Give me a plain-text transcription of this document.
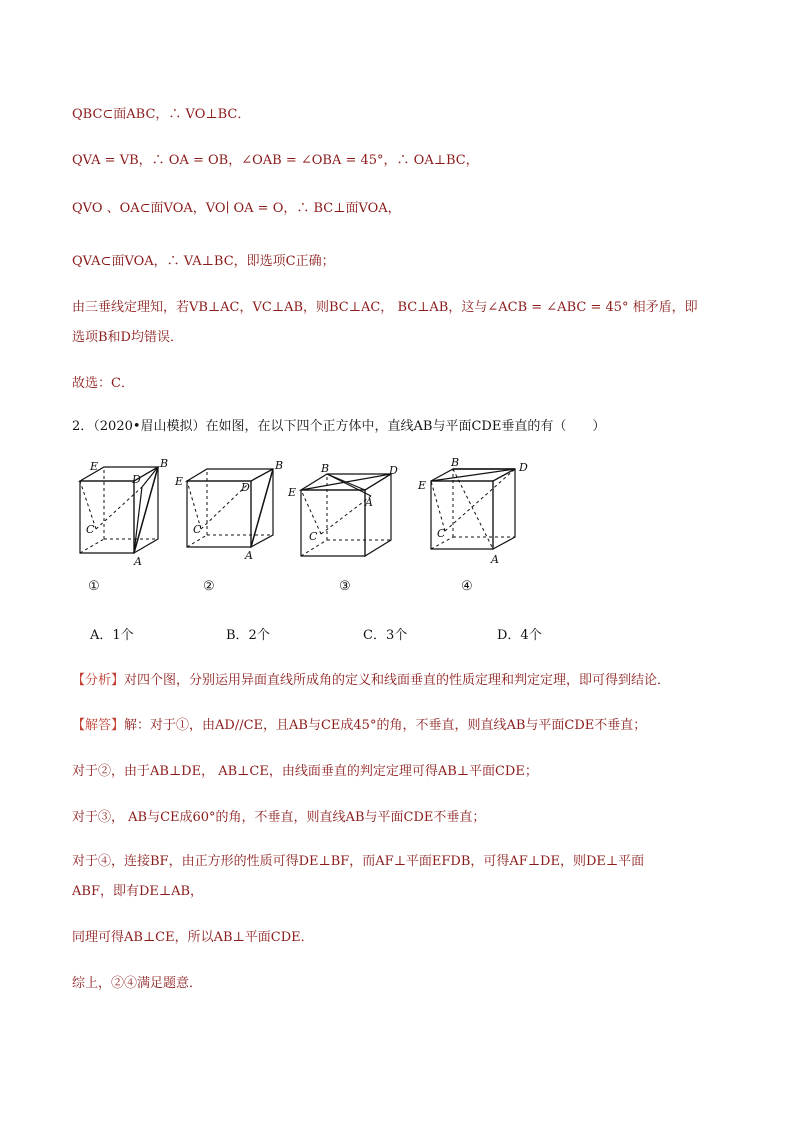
QBC⊂面ABC，∴ VO⊥BC．
QVA = VB，∴ OA = OB，∠OAB = ∠OBA = 45°，∴ OA⊥BC，
QVO 、OA⊂面VOA，VO∣ OA = O，∴ BC⊥面VOA，
QVA⊂面VOA，∴ VA⊥BC，即选项C正确；
由三垂线定理知，若VB⊥AC，VC⊥AB，则BC⊥AC， BC⊥AB，这与∠ACB = ∠ABC = 45° 相矛盾，即
选项B和D均错误．
故选：C．
2．（2020•眉山模拟）在如图，在以下四个正方体中，直线AB与平面CDE垂直的有（　　）
E	B
D
C
A
①
E
B
D
C
A
②
B	D
E
A
C
③
B	D
E
C
A
④
A．1个	B．2个	C．3个	D．4个
【分析】对四个图，分别运用异面直线所成角的定义和线面垂直的性质定理和判定定理，即可得到结论．
【解答】解：对于①，由AD//CE，且AB与CE成45°的角，不垂直，则直线AB与平面CDE不垂直；
对于②，由于AB⊥DE， AB⊥CE，由线面垂直的判定定理可得AB⊥平面CDE；
对于③， AB与CE成60°的角，不垂直，则直线AB与平面CDE不垂直；
对于④，连接BF，由正方形的性质可得DE⊥BF，而AF⊥平面EFDB，可得AF⊥DE，则DE⊥平面
ABF，即有DE⊥AB，
同理可得AB⊥CE，所以AB⊥平面CDE．
综上，②④满足题意．
